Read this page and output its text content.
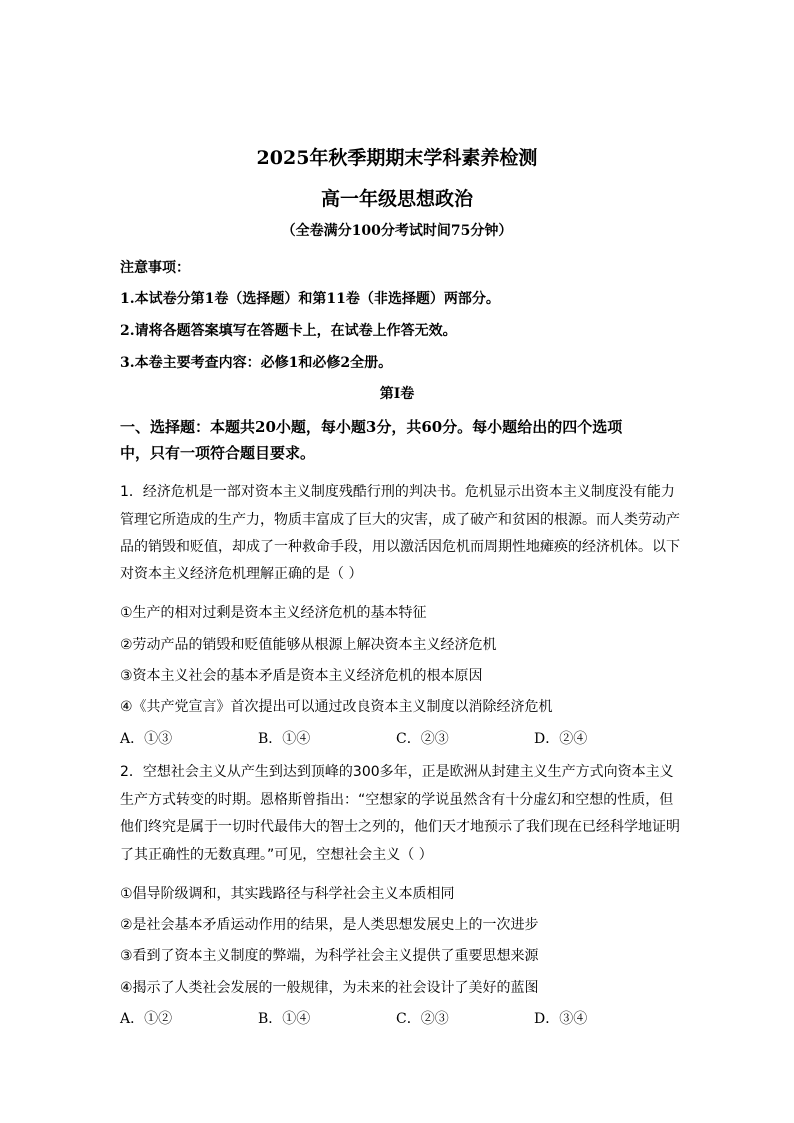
2025年秋季期期末学科素养检测
高一年级思想政治
（全卷满分100分考试时间75分钟）
注意事项：
1.本试卷分第1卷（选择题）和第11卷（非选择题）两部分。
2.请将各题答案填写在答题卡上，在试卷上作答无效。
3.本卷主要考查内容：必修1和必修2全册。
第I卷
一、选择题：本题共20小题，每小题3分，共60分。每小题给出的四个选项
中，只有一项符合题目要求。
1．经济危机是一部对资本主义制度残酷行刑的判决书。危机显示出资本主义制度没有能力
管理它所造成的生产力，物质丰富成了巨大的灾害，成了破产和贫困的根源。而人类劳动产
品的销毁和贬值，却成了一种救命手段，用以激活因危机而周期性地瘫痪的经济机体。以下
对资本主义经济危机理解正确的是（ ）
①生产的相对过剩是资本主义经济危机的基本特征
②劳动产品的销毁和贬值能够从根源上解决资本主义经济危机
③资本主义社会的基本矛盾是资本主义经济危机的根本原因
④《共产党宣言》首次提出可以通过改良资本主义制度以消除经济危机
A．①③	B．①④	C．②③	D．②④
2．空想社会主义从产生到达到顶峰的300多年，正是欧洲从封建主义生产方式向资本主义
生产方式转变的时期。恩格斯曾指出：“空想家的学说虽然含有十分虚幻和空想的性质，但
他们终究是属于一切时代最伟大的智士之列的，他们天才地预示了我们现在已经科学地证明
了其正确性的无数真理。”可见，空想社会主义（ ）
①倡导阶级调和，其实践路径与科学社会主义本质相同
②是社会基本矛盾运动作用的结果，是人类思想发展史上的一次进步
③看到了资本主义制度的弊端，为科学社会主义提供了重要思想来源
④揭示了人类社会发展的一般规律，为未来的社会设计了美好的蓝图
A．①②	B．①④	C．②③	D．③④
